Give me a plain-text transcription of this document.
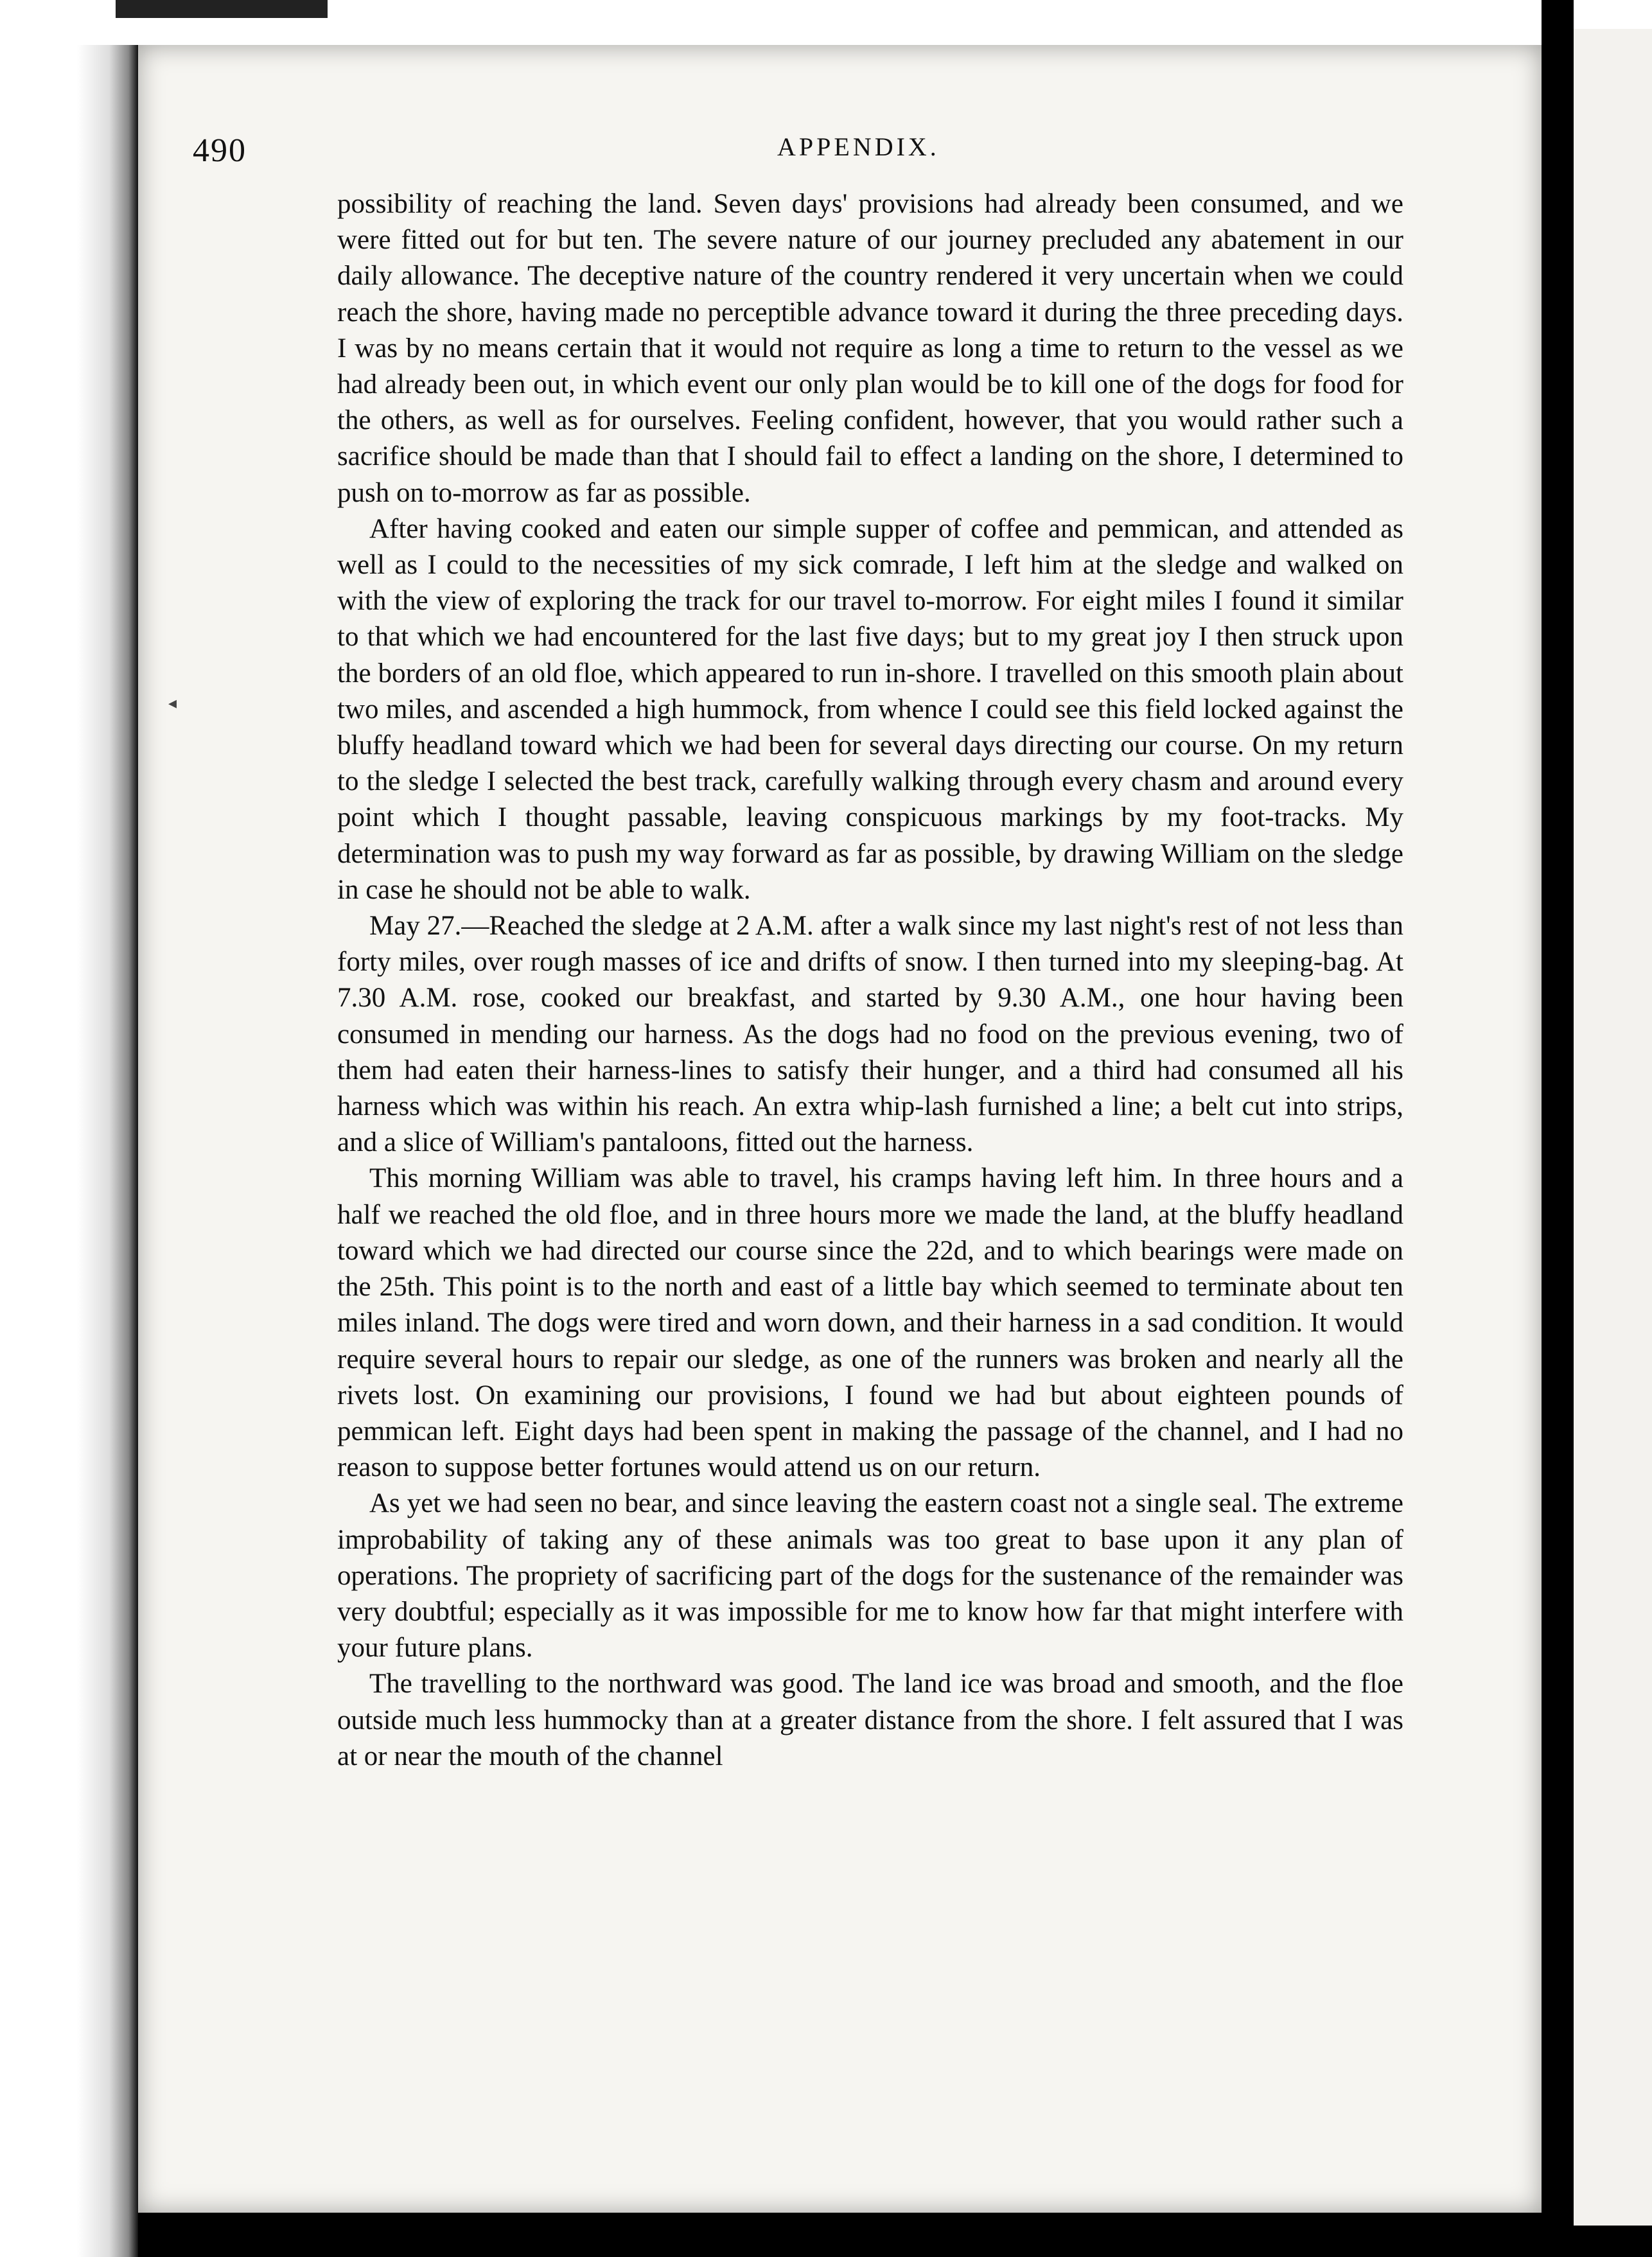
490	APPENDIX.
◂

possibility of reaching the land. Seven days' provisions had already been consumed, and we were fitted out for but ten. The severe nature of our journey precluded any abatement in our daily allowance. The deceptive nature of the country rendered it very uncertain when we could reach the shore, having made no perceptible advance toward it during the three preceding days. I was by no means certain that it would not require as long a time to return to the vessel as we had already been out, in which event our only plan would be to kill one of the dogs for food for the others, as well as for ourselves. Feeling confident, however, that you would rather such a sacrifice should be made than that I should fail to effect a landing on the shore, I determined to push on to-morrow as far as possible.

After having cooked and eaten our simple supper of coffee and pemmican, and attended as well as I could to the necessities of my sick comrade, I left him at the sledge and walked on with the view of exploring the track for our travel to-morrow. For eight miles I found it similar to that which we had encountered for the last five days; but to my great joy I then struck upon the borders of an old floe, which appeared to run in-shore. I travelled on this smooth plain about two miles, and ascended a high hummock, from whence I could see this field locked against the bluffy headland toward which we had been for several days directing our course. On my return to the sledge I selected the best track, carefully walking through every chasm and around every point which I thought passable, leaving conspicuous markings by my foot-tracks. My determination was to push my way forward as far as possible, by drawing William on the sledge in case he should not be able to walk.

May 27.—Reached the sledge at 2 A.M. after a walk since my last night's rest of not less than forty miles, over rough masses of ice and drifts of snow. I then turned into my sleeping-bag. At 7.30 A.M. rose, cooked our breakfast, and started by 9.30 A.M., one hour having been consumed in mending our harness. As the dogs had no food on the previous evening, two of them had eaten their harness-lines to satisfy their hunger, and a third had consumed all his harness which was within his reach. An extra whip-lash furnished a line; a belt cut into strips, and a slice of William's pantaloons, fitted out the harness.

This morning William was able to travel, his cramps having left him. In three hours and a half we reached the old floe, and in three hours more we made the land, at the bluffy headland toward which we had directed our course since the 22d, and to which bearings were made on the 25th. This point is to the north and east of a little bay which seemed to terminate about ten miles inland. The dogs were tired and worn down, and their harness in a sad condition. It would require several hours to repair our sledge, as one of the runners was broken and nearly all the rivets lost. On examining our provisions, I found we had but about eighteen pounds of pemmican left. Eight days had been spent in making the passage of the channel, and I had no reason to suppose better fortunes would attend us on our return.

As yet we had seen no bear, and since leaving the eastern coast not a single seal. The extreme improbability of taking any of these animals was too great to base upon it any plan of operations. The propriety of sacrificing part of the dogs for the sustenance of the remainder was very doubtful; especially as it was impossible for me to know how far that might interfere with your future plans.

The travelling to the northward was good. The land ice was broad and smooth, and the floe outside much less hummocky than at a greater distance from the shore. I felt assured that I was at or near the mouth of the channel
